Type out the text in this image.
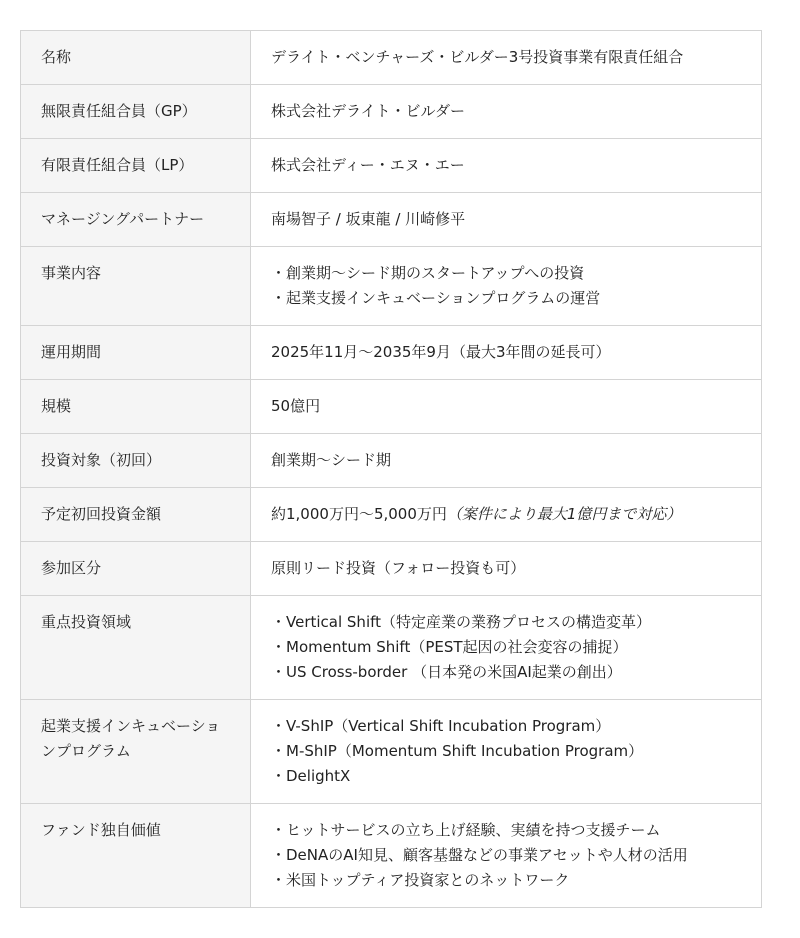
名称	デライト・ベンチャーズ・ビルダー3号投資事業有限責任組合

無限責任組合員（GP）	株式会社デライト・ビルダー

有限責任組合員（LP）	株式会社ディー・エヌ・エー

マネージングパートナー	南場智子 / 坂東龍 / 川崎修平

事業内容	・創業期～シード期のスタートアップへの投資
・起業支援インキュベーションプログラムの運営

運用期間	2025年11月～2035年9月（最大3年間の延長可）

規模	50億円

投資対象（初回）	創業期～シード期

予定初回投資金額	約1,000万円～5,000万円（案件により最大1億円まで対応）

参加区分	原則リード投資（フォロー投資も可）

重点投資領域	・Vertical Shift（特定産業の業務プロセスの構造変革）
・Momentum Shift（PEST起因の社会変容の捕捉）
・US Cross-border （日本発の米国AI起業の創出）

起業支援インキュベーションプログラム	・V-ShIP（Vertical Shift Incubation Program）
・M-ShIP（Momentum Shift Incubation Program）
・DelightX

ファンド独自価値	・ヒットサービスの立ち上げ経験、実績を持つ支援チーム
・DeNAのAI知見、顧客基盤などの事業アセットや人材の活用
・米国トップティア投資家とのネットワーク
